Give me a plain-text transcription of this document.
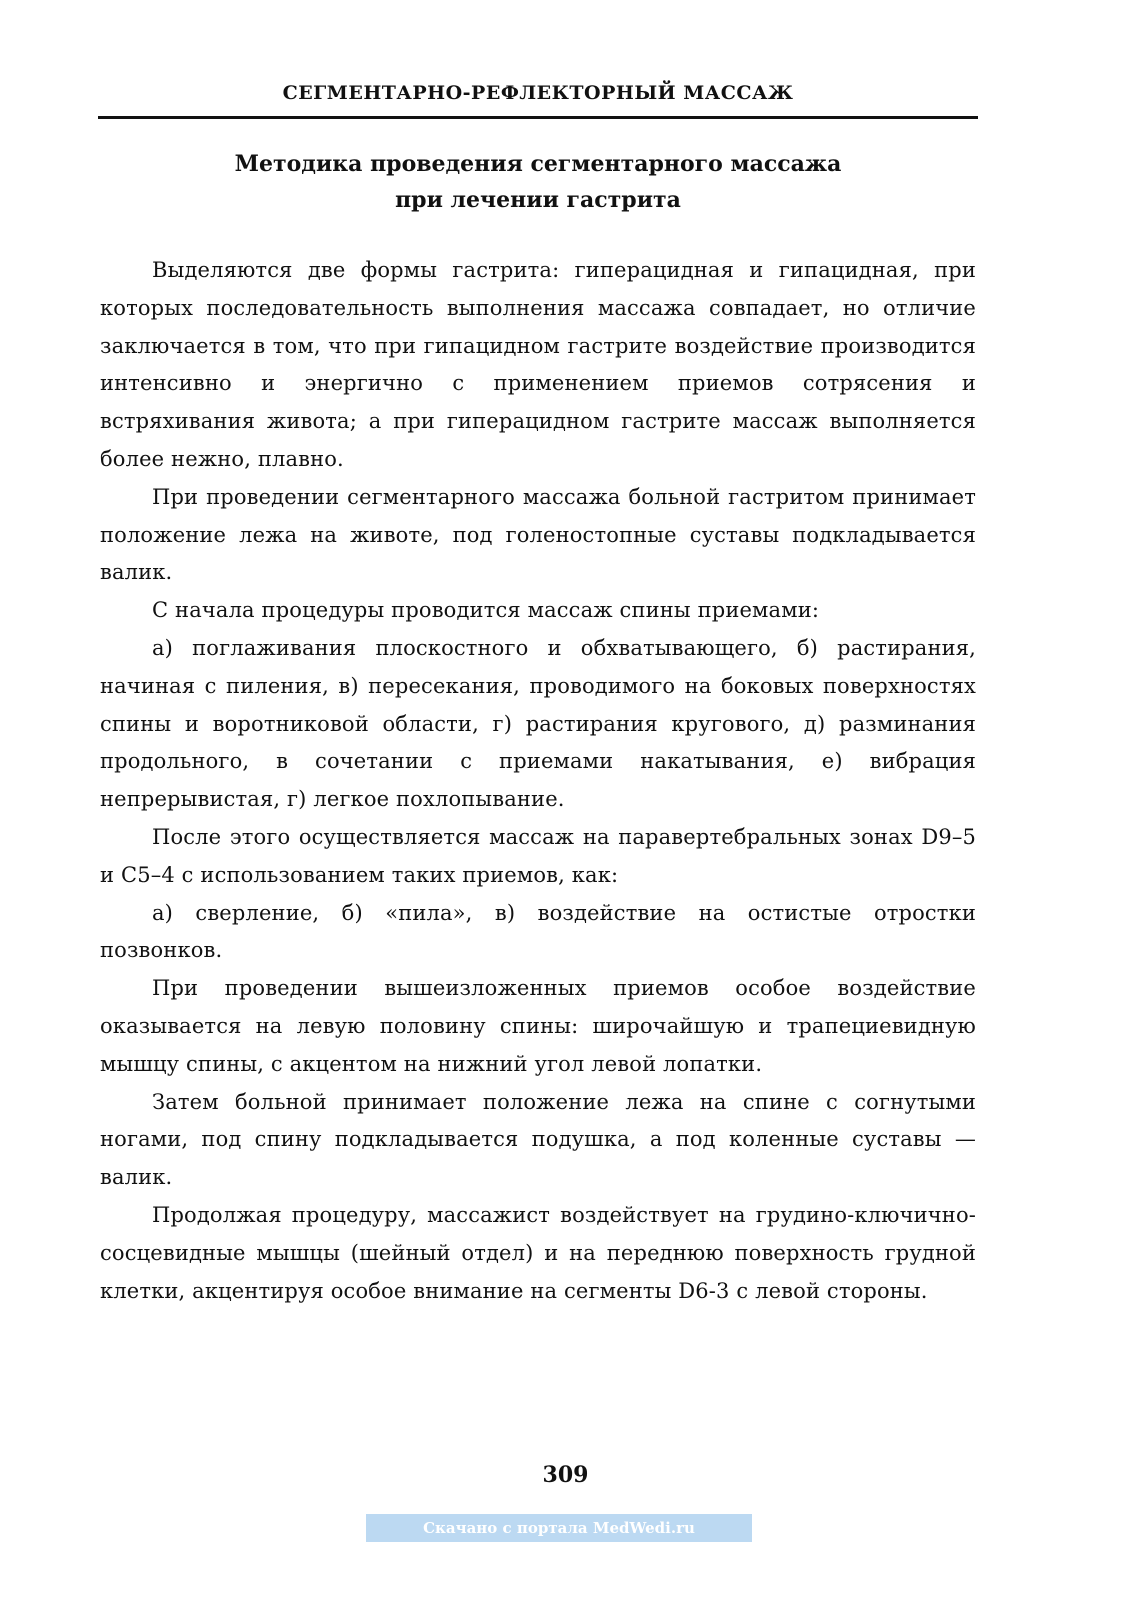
СЕГМЕНТАРНО-РЕФЛЕКТОРНЫЙ МАССАЖ
Методика проведения сегментарного массажа
при лечении гастрита

Выделяются две формы гастрита: гиперацидная и гипацидная, при которых последовательность выполнения массажа совпадает, но отличие заключается в том, что при гипацидном гастрите воздействие производится интенсивно и энергично с применением приемов сотрясения и встряхивания живота; а при гиперацидном гастрите массаж выполняется более нежно, плавно.

При проведении сегментарного массажа больной гастритом принимает положение лежа на животе, под голеностопные суставы подкладывается валик.

С начала процедуры проводится массаж спины приемами:

а) поглаживания плоскостного и обхватывающего, б) растирания, начиная с пиления, в) пересекания, проводимого на боковых поверхностях спины и воротниковой области, г) растирания кругового, д) разминания продольного, в сочетании с приемами накатывания, е) вибрация непрерывистая, г) легкое похлопывание.

После этого осуществляется массаж на паравертебральных зонах D9–5 и C5–4 с использованием таких приемов, как:

а) сверление, б) «пила», в) воздействие на остистые отростки позвонков.

При проведении вышеизложенных приемов особое воздействие оказывается на левую половину спины: широчайшую и трапециевидную мышцу спины, с акцентом на нижний угол левой лопатки.

Затем больной принимает положение лежа на спине с согнутыми ногами, под спину подкладывается подушка, а под коленные суставы — валик.

Продолжая процедуру, массажист воздействует на грудино-ключично-сосцевидные мышцы (шейный отдел) и на переднюю поверхность грудной клетки, акцентируя особое внимание на сегменты D6-3 с левой стороны.

309
Скачано с портала MedWedi.ru
